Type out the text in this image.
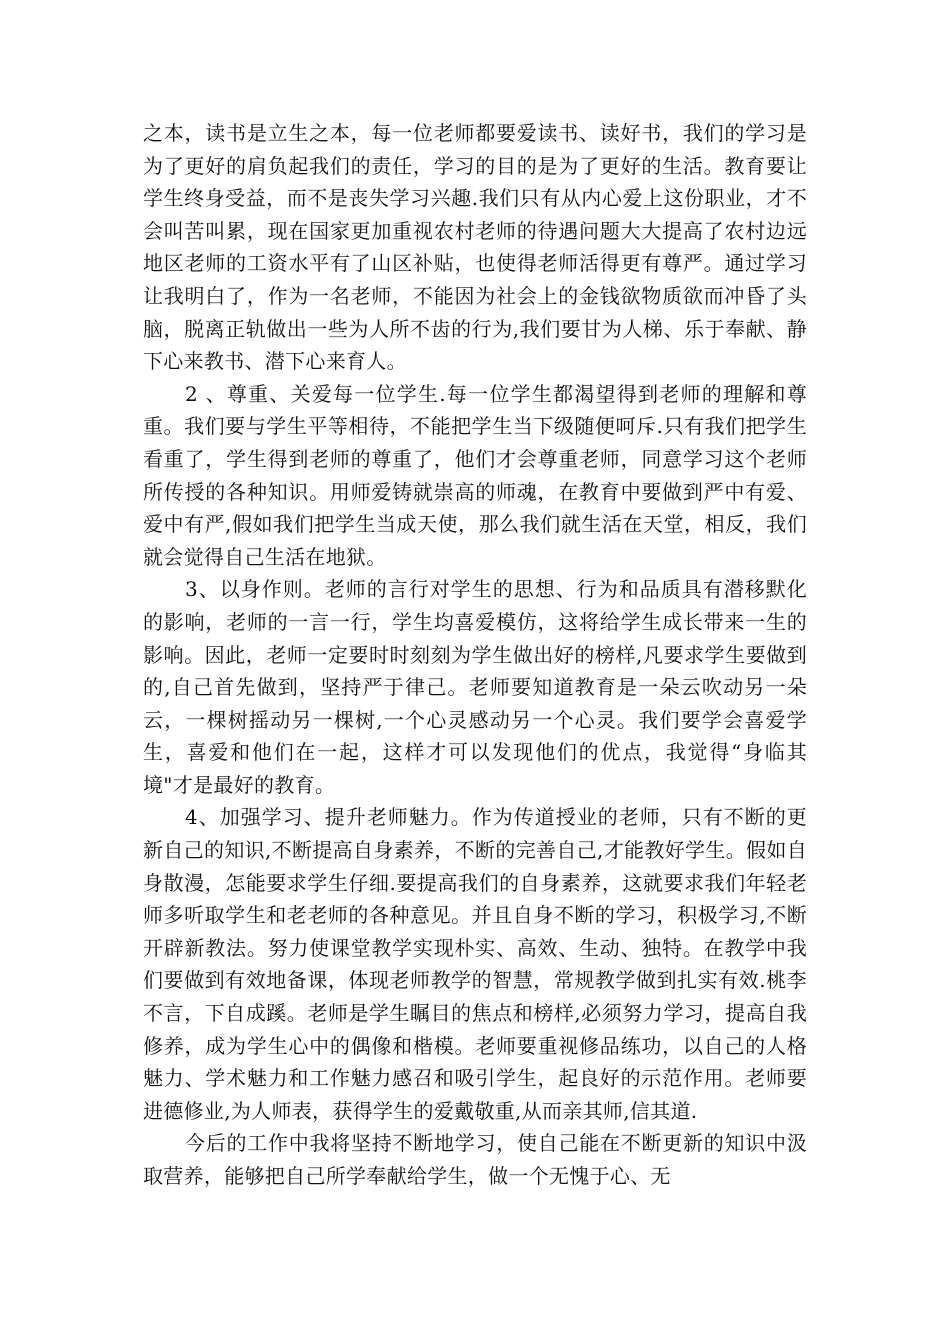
之本，读书是立生之本，每一位老师都要爱读书、读好书，我们的学习是为了更好的肩负起我们的责任，学习的目的是为了更好的生活。教育要让学生终身受益，而不是丧失学习兴趣.我们只有从内心爱上这份职业，才不会叫苦叫累，现在国家更加重视农村老师的待遇问题大大提高了农村边远地区老师的工资水平有了山区补贴，也使得老师活得更有尊严。通过学习让我明白了，作为一名老师，不能因为社会上的金钱欲物质欲而冲昏了头脑，脱离正轨做出一些为人所不齿的行为,我们要甘为人梯、乐于奉献、静下心来教书、潜下心来育人。

2 、尊重、关爱每一位学生.每一位学生都渴望得到老师的理解和尊重。我们要与学生平等相待，不能把学生当下级随便呵斥.只有我们把学生看重了，学生得到老师的尊重了，他们才会尊重老师，同意学习这个老师所传授的各种知识。用师爱铸就崇高的师魂，在教育中要做到严中有爱、爱中有严,假如我们把学生当成天使，那么我们就生活在天堂，相反，我们就会觉得自己生活在地狱。

3、以身作则。老师的言行对学生的思想、行为和品质具有潜移默化的影响，老师的一言一行，学生均喜爱模仿，这将给学生成长带来一生的影响。因此，老师一定要时时刻刻为学生做出好的榜样,凡要求学生要做到的,自己首先做到，坚持严于律己。老师要知道教育是一朵云吹动另一朵云，一棵树摇动另一棵树,一个心灵感动另一个心灵。我们要学会喜爱学生，喜爱和他们在一起，这样才可以发现他们的优点，我觉得“身临其境"才是最好的教育。

4、加强学习、提升老师魅力。作为传道授业的老师，只有不断的更新自己的知识,不断提高自身素养，不断的完善自己,才能教好学生。假如自身散漫，怎能要求学生仔细.要提高我们的自身素养，这就要求我们年轻老师多听取学生和老老师的各种意见。并且自身不断的学习，积极学习,不断开辟新教法。努力使课堂教学实现朴实、高效、生动、独特。在教学中我们要做到有效地备课，体现老师教学的智慧，常规教学做到扎实有效.桃李不言，下自成蹊。老师是学生瞩目的焦点和榜样,必须努力学习，提高自我修养，成为学生心中的偶像和楷模。老师要重视修品练功，以自己的人格魅力、学术魅力和工作魅力感召和吸引学生，起良好的示范作用。老师要进德修业,为人师表，获得学生的爱戴敬重,从而亲其师,信其道.

今后的工作中我将坚持不断地学习，使自己能在不断更新的知识中汲取营养，能够把自己所学奉献给学生，做一个无愧于心、无
